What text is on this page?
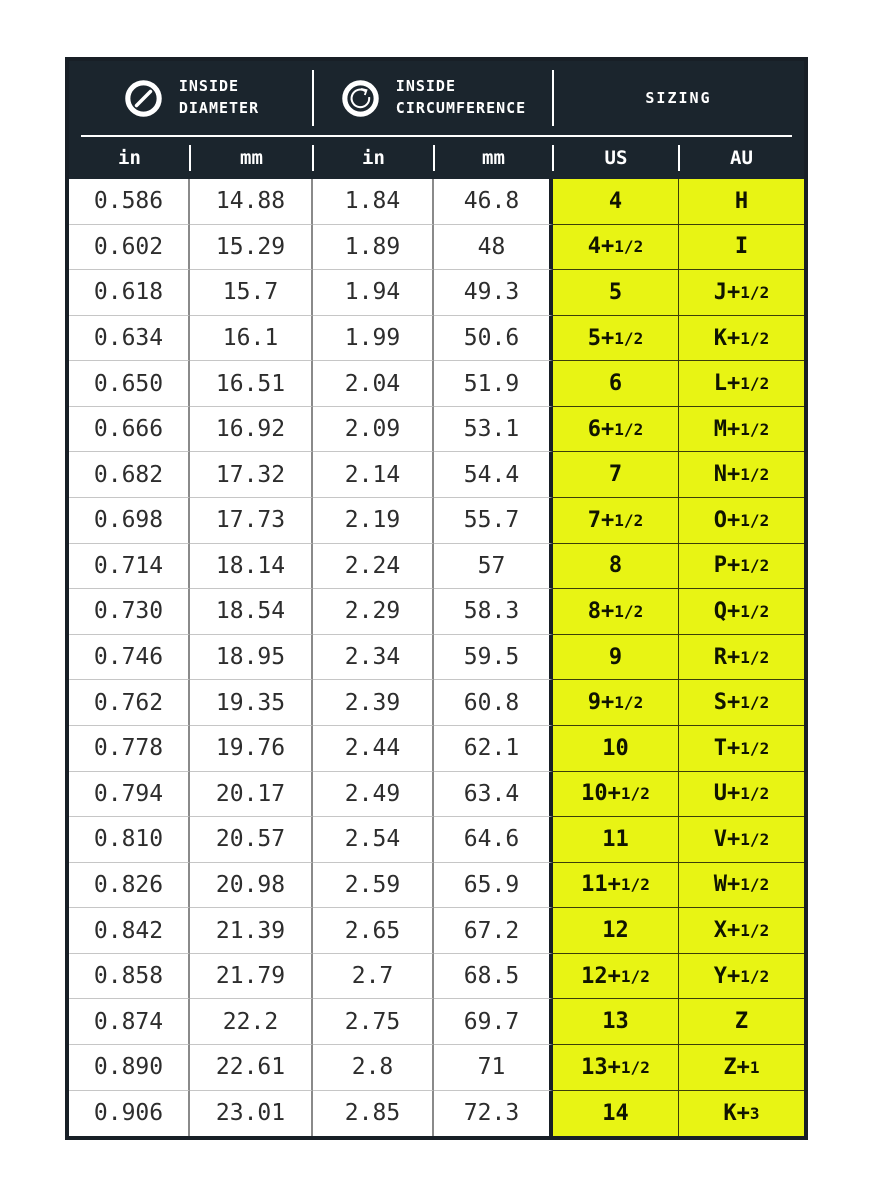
INSIDE
DIAMETER
INSIDE
CIRCUMFERENCE
SIZING
in	mm	in	mm	US	AU
0.586	14.88	1.84	46.8	4	H
0.602	15.29	1.89	48	4+ 1/2	I
0.618	15.7	1.94	49.3	5	J+ 1/2
0.634	16.1	1.99	50.6	5+ 1/2	K+ 1/2
0.650	16.51	2.04	51.9	6	L+ 1/2
0.666	16.92	2.09	53.1	6+ 1/2	M+ 1/2
0.682	17.32	2.14	54.4	7	N+ 1/2
0.698	17.73	2.19	55.7	7+ 1/2	O+ 1/2
0.714	18.14	2.24	57	8	P+ 1/2
0.730	18.54	2.29	58.3	8+ 1/2	Q+ 1/2
0.746	18.95	2.34	59.5	9	R+ 1/2
0.762	19.35	2.39	60.8	9+ 1/2	S+ 1/2
0.778	19.76	2.44	62.1	10	T+ 1/2
0.794	20.17	2.49	63.4	10+ 1/2	U+ 1/2
0.810	20.57	2.54	64.6	11	V+ 1/2
0.826	20.98	2.59	65.9	11+ 1/2	W+ 1/2
0.842	21.39	2.65	67.2	12	X+ 1/2
0.858	21.79	2.7	68.5	12+ 1/2	Y+ 1/2
0.874	22.2	2.75	69.7	13	Z
0.890	22.61	2.8	71	13+ 1/2	Z+ 1
0.906	23.01	2.85	72.3	14	K+ 3
